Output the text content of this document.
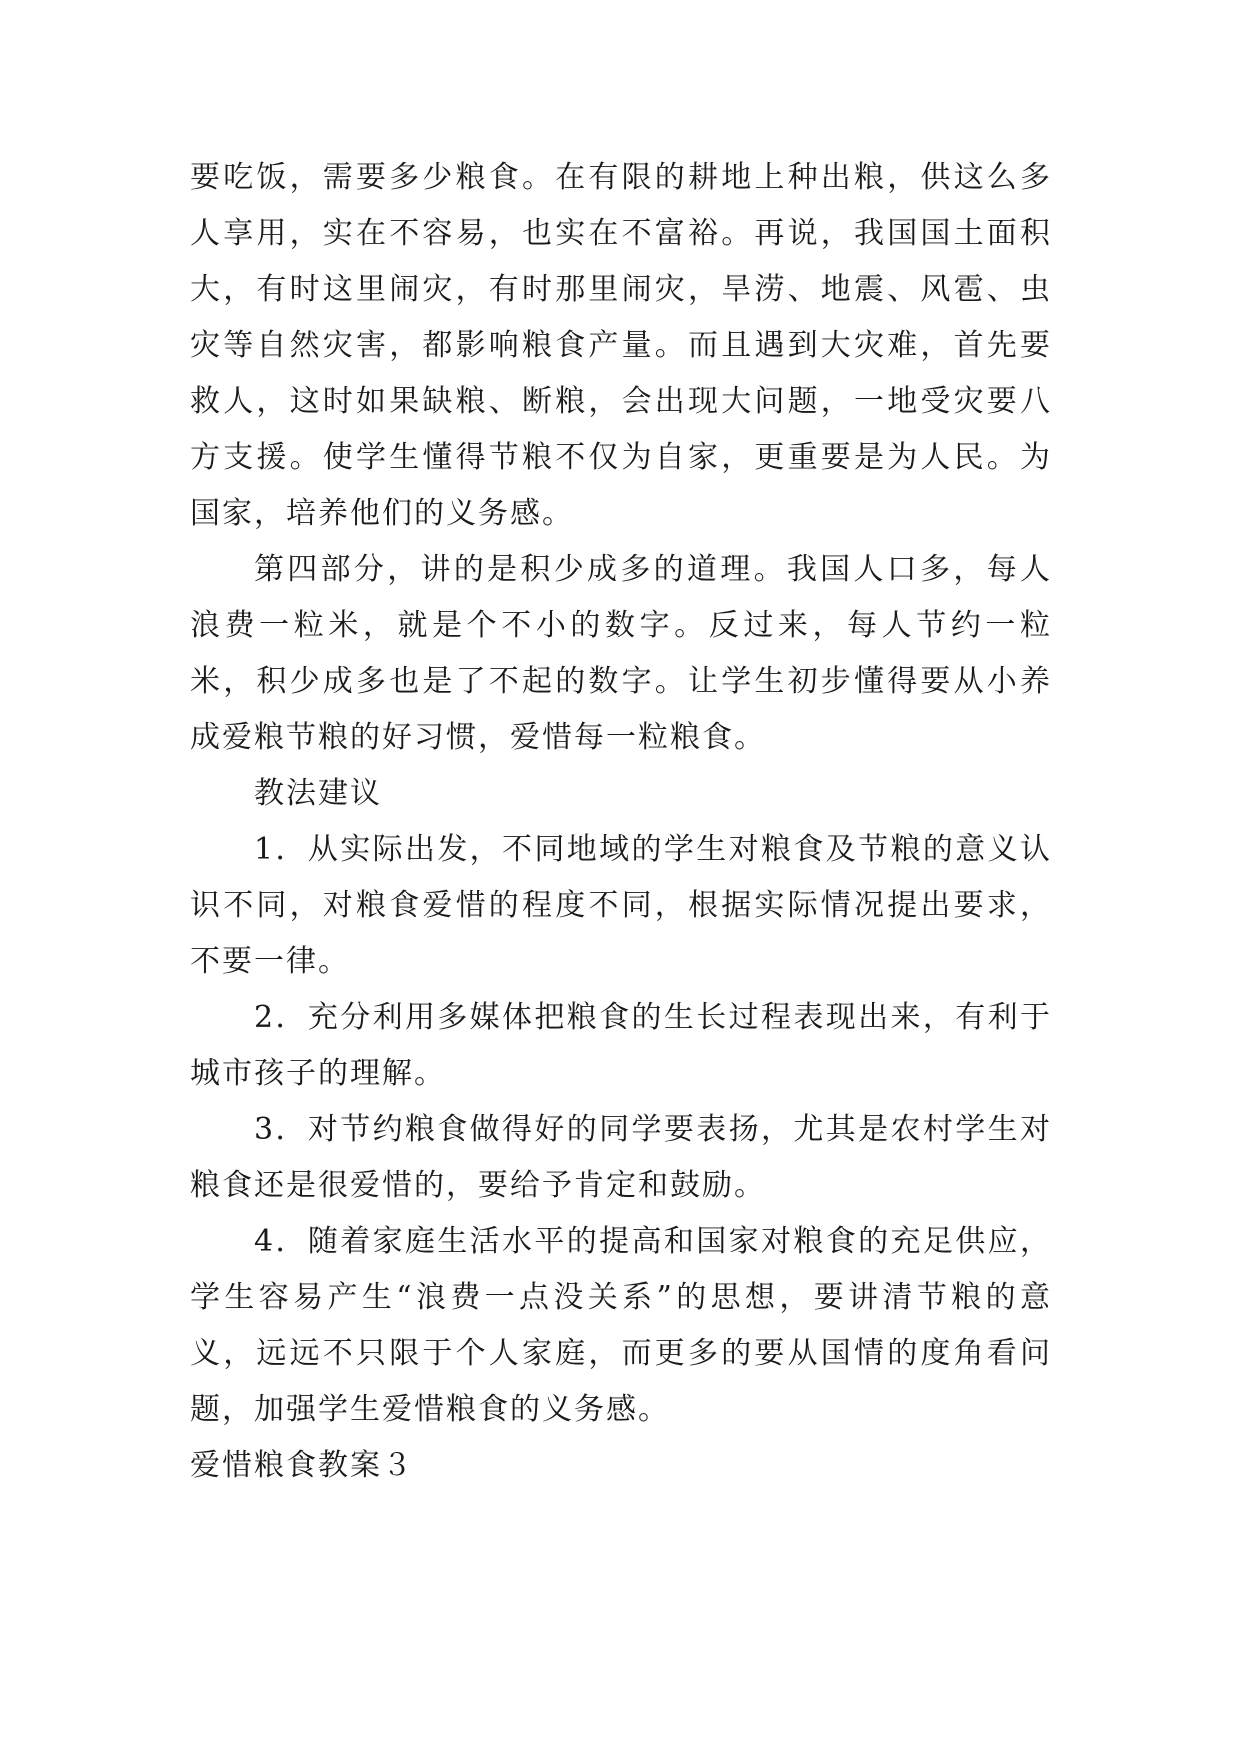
要吃饭，需要多少粮食。在有限的耕地上种出粮，供这么多人享用，实在不容易，也实在不富裕。再说，我国国土面积大，有时这里闹灾，有时那里闹灾，旱涝、地震、风雹、虫灾等自然灾害，都影响粮食产量。而且遇到大灾难，首先要救人，这时如果缺粮、断粮，会出现大问题，一地受灾要八方支援。使学生懂得节粮不仅为自家，更重要是为人民。为国家，培养他们的义务感。

第四部分，讲的是积少成多的道理。我国人口多，每人浪费一粒米，就是个不小的数字。反过来，每人节约一粒米，积少成多也是了不起的数字。让学生初步懂得要从小养成爱粮节粮的好习惯，爱惜每一粒粮食。

教法建议

1．从实际出发，不同地域的学生对粮食及节粮的意义认识不同，对粮食爱惜的程度不同，根据实际情况提出要求，不要一律。

2．充分利用多媒体把粮食的生长过程表现出来，有利于城市孩子的理解。

3．对节约粮食做得好的同学要表扬，尤其是农村学生对粮食还是很爱惜的，要给予肯定和鼓励。

4．随着家庭生活水平的提高和国家对粮食的充足供应，学生容易产生“浪费一点没关系”的思想，要讲清节粮的意义，远远不只限于个人家庭，而更多的要从国情的度角看问题，加强学生爱惜粮食的义务感。

爱惜粮食教案３
